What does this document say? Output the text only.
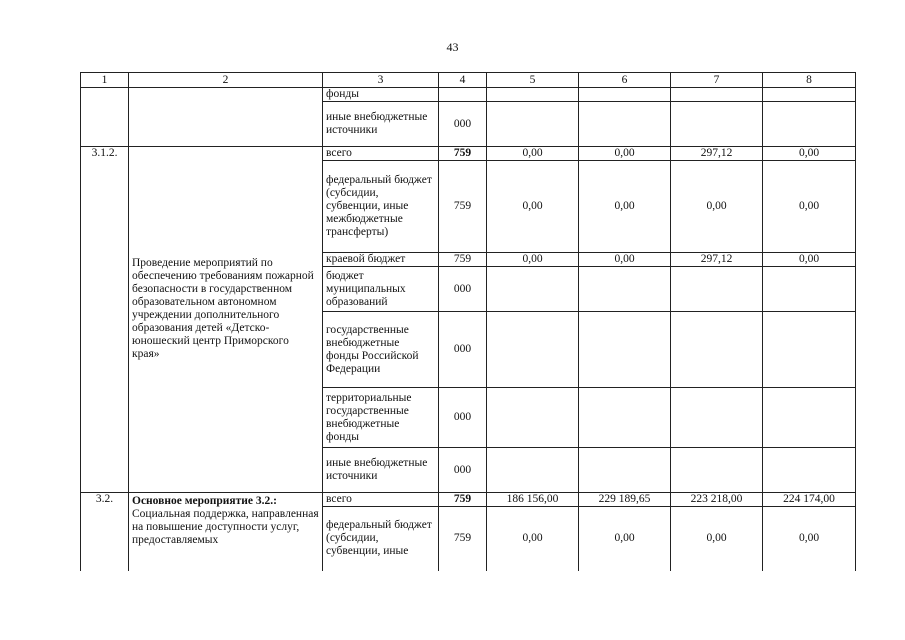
43
1	2	3	4	5	6	7	8
		фонды					
		иные внебюджетные источники	000				
3.1.2.	Проведение мероприятий по обеспечению требованиям пожарной безопасности в государственном образовательном автономном учреждении дополнительного образования детей «Детско-юношеский центр Приморского края»	всего	759	0,00	0,00	297,12	0,00
		федеральный бюджет (субсидии, субвенции, иные межбюджетные трансферты)	759	0,00	0,00	0,00	0,00
		краевой бюджет	759	0,00	0,00	297,12	0,00
		бюджет муниципальных образований	000				
		государственные внебюджетные фонды Российской Федерации	000				
		территориальные государственные внебюджетные фонды	000				
		иные внебюджетные источники	000				
3.2.	Основное мероприятие 3.2.:
Социальная поддержка, направленная на повышение доступности услуг, предоставляемых	всего	759	186 156,00	229 189,65	223 218,00	224 174,00
		федеральный бюджет (субсидии, субвенции, иные	759	0,00	0,00	0,00	0,00
